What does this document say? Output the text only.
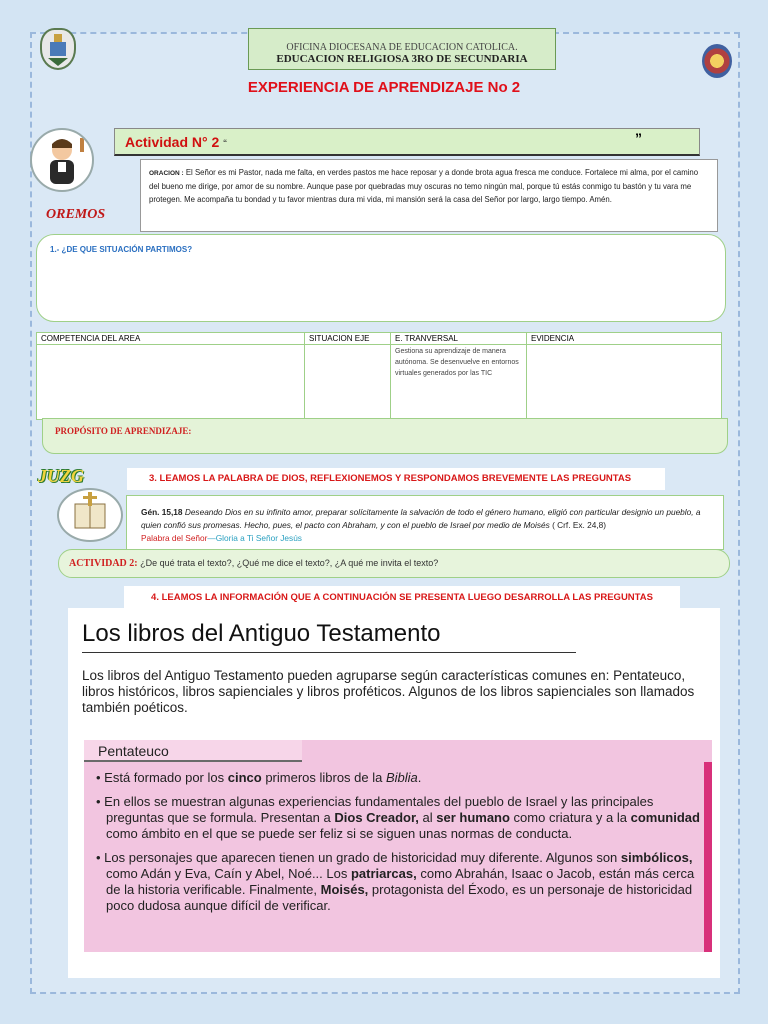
OFICINA DIOCESANA DE EDUCACION CATOLICA.
EDUCACION RELIGIOSA 3RO DE SECUNDARIA
EXPERIENCIA DE APRENDIZAJE No 2
Actividad N° 2 “	”
OREMOS
ORACION : El Señor es mi Pastor, nada me falta, en verdes pastos me hace reposar y a donde brota agua fresca me conduce. Fortalece mi alma, por el camino del bueno me dirige, por amor de su nombre. Aunque pase por quebradas muy oscuras no temo ningún mal, porque tú estás conmigo tu bastón y tu vara me protegen. Me acompaña tu bondad y tu favor mientras dura mi vida, mi mansión será la casa del Señor por largo, largo tiempo. Amén.
1.- ¿DE QUE SITUACIÓN PARTIMOS?
COMPETENCIA DEL AREA	SITUACION EJE	E. TRANVERSAL	EVIDENCIA
		Gestiona su aprendizaje de manera autónoma. Se desenvuelve en entornos virtuales generados por las TIC	
PROPÓSITO DE APRENDIZAJE:
JUZG	3. LEAMOS LA PALABRA DE DIOS, REFLEXIONEMOS Y RESPONDAMOS BREVEMENTE LAS PREGUNTAS
Gén. 15,18 Deseando Dios en su infinito amor, preparar solícitamente la salvación de todo el género humano, eligió con particular designio un pueblo, a quien confió sus promesas. Hecho, pues, el pacto con Abraham, y con el pueblo de Israel por medio de Moisés ( Crf. Ex. 24,8)
Palabra del Señor—Gloria a Ti Señor Jesús
ACTIVIDAD 2: ¿De qué trata el texto?, ¿Qué me dice el texto?, ¿A qué me invita el texto?
4. LEAMOS LA INFORMACIÓN QUE A CONTINUACIÓN SE PRESENTA LUEGO DESARROLLA LAS PREGUNTAS
Los libros del Antiguo Testamento
Los libros del Antiguo Testamento pueden agruparse según características comunes en: Pentateuco, libros históricos, libros sapienciales y libros proféticos. Algunos de los libros sapienciales son llamados también poéticos.
Pentateuco
• Está formado por los cinco primeros libros de la Biblia.
• En ellos se muestran algunas experiencias fundamentales del pueblo de Israel y las principales preguntas que se formula. Presentan a Dios Creador, al ser humano como criatura y a la comunidad como ámbito en el que se puede ser feliz si se siguen unas normas de conducta.
• Los personajes que aparecen tienen un grado de historicidad muy diferente. Algunos son simbólicos, como Adán y Eva, Caín y Abel, Noé... Los patriarcas, como Abrahán, Isaac o Jacob, están más cerca de la historia verificable. Finalmente, Moisés, protagonista del Éxodo, es un personaje de historicidad poco dudosa aunque difícil de verificar.
